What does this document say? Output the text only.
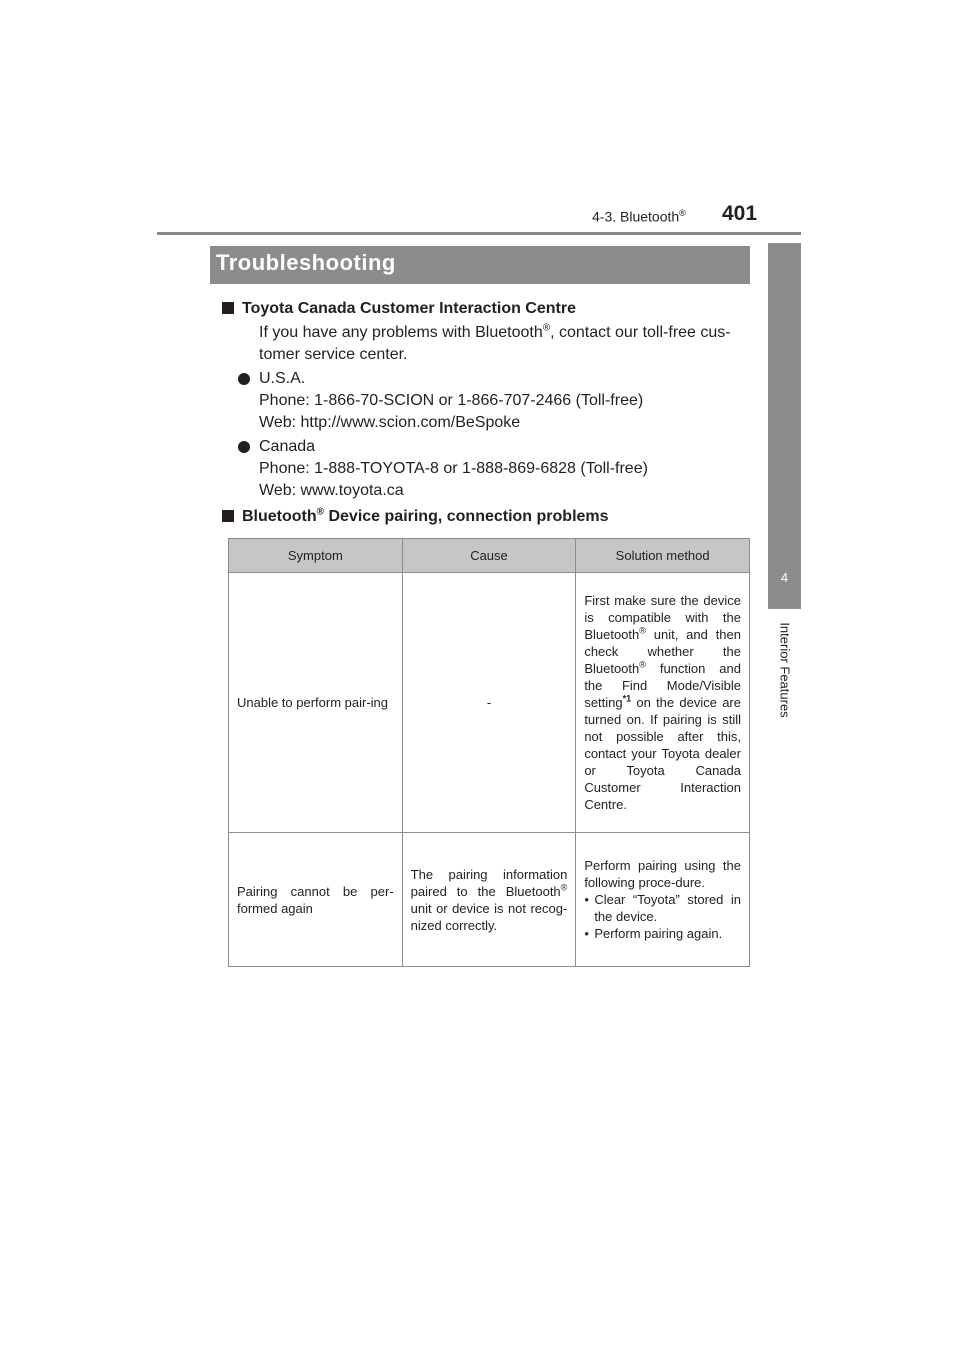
4-3. Bluetooth® 401
4
Interior Features
Troubleshooting
Toyota Canada Customer Interaction Centre
If you have any problems with Bluetooth®, contact our toll-free cus-
tomer service center.
U.S.A.
Phone: 1-866-70-SCION or 1-866-707-2466 (Toll-free)
Web: http://www.scion.com/BeSpoke
Canada
Phone: 1-888-TOYOTA-8 or 1-888-869-6828 (Toll-free)
Web: www.toyota.ca
Bluetooth® Device pairing, connection problems
Symptom	Cause	Solution method
Unable to perform pair-ing	-	First make sure the device is compatible with the Bluetooth® unit, and then check whether the Bluetooth® function and the Find Mode/Visible setting$^{*1}$ on the device are turned on. If pairing is still not possible after this, contact your Toyota dealer or Toyota Canada Customer Interaction Centre.
Pairing cannot be per-formed again	The pairing information paired to the Bluetooth® unit or device is not recog-nized correctly.	Perform pairing using the following proce-dure.
• Clear “Toyota” stored in the device.
• Perform pairing again.
